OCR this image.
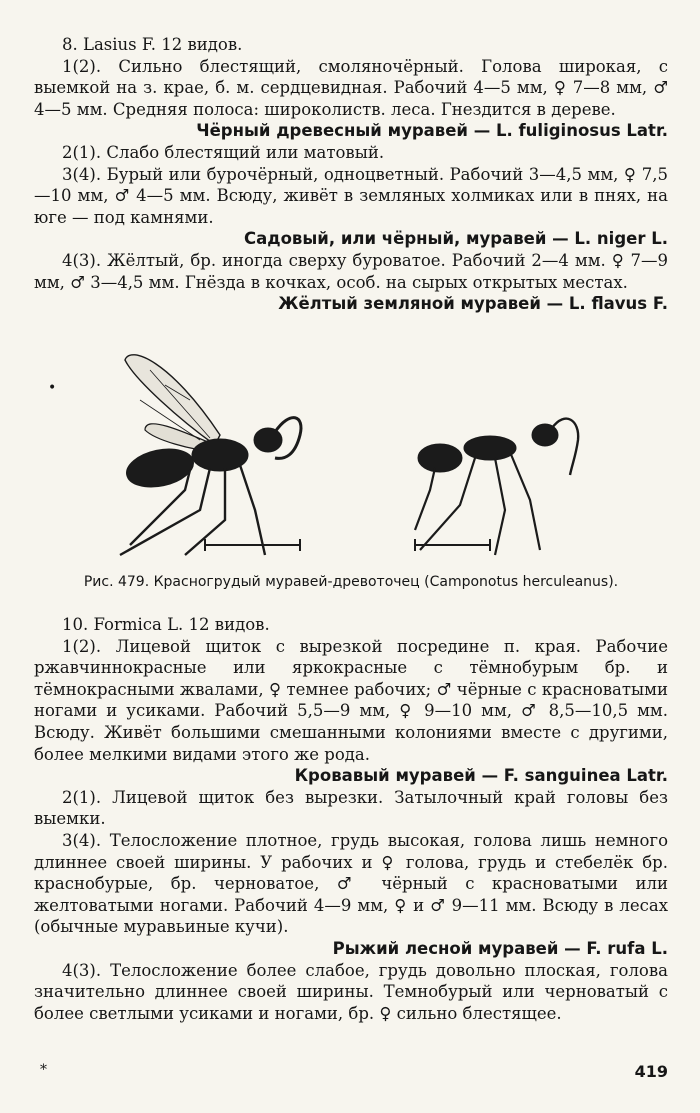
8. Lasius F. 12 видов.

1(2). Сильно блестящий, смоляночёрный. Голова широкая, с выемкой на з. крае, б. м. сердцевидная. Рабочий 4—5 мм, ♀ 7—8 мм, ♂ 4—5 мм. Средняя полоса: широколиств. леса. Гнездится в дереве.

Чёрный древесный муравей — L. fuliginosus Latr.

2(1). Слабо блестящий или матовый.

3(4). Бурый или бурочёрный, одноцветный. Рабочий 3—4,5 мм, ♀ 7,5—10 мм, ♂ 4—5 мм. Всюду, живёт в земляных холмиках или в пнях, на юге — под камнями.

Садовый, или чёрный, муравей — L. niger L.

4(3). Жёлтый, бр. иногда сверху буроватое. Рабочий 2—4 мм. ♀ 7—9 мм, ♂ 3—4,5 мм. Гнёзда в кочках, особ. на сырых открытых местах.

Жёлтый земляной муравей — L. flavus F.

•
Рис. 479. Красногрудый муравей-древоточец (Camponotus herculeanus).

10. Formica L. 12 видов.

1(2). Лицевой щиток с вырезкой посредине п. края. Рабочие ржавчиннокрасные или яркокрасные с тёмнобурым бр. и тёмнокрасными жвалами, ♀ темнее рабочих; ♂ чёрные с красноватыми ногами и усиками. Рабочий 5,5—9 мм, ♀ 9—10 мм, ♂ 8,5—10,5 мм. Всюду. Живёт большими смешанными колониями вместе с другими, более мелкими видами этого же рода.

Кровавый муравей — F. sanguinea Latr.

2(1). Лицевой щиток без вырезки. Затылочный край головы без выемки.

3(4). Телосложение плотное, грудь высокая, голова лишь немного длиннее своей ширины. У рабочих и ♀ голова, грудь и стебелёк бр. краснобурые, бр. черноватое, ♂ чёрный с красноватыми или желтоватыми ногами. Рабочий 4—9 мм, ♀ и ♂ 9—11 мм. Всюду в лесах (обычные муравьиные кучи).

Рыжий лесной муравей — F. rufa L.

4(3). Телосложение более слабое, грудь довольно плоская, голова значительно длиннее своей ширины. Темнобурый или черноватый с более светлыми усиками и ногами, бр. ♀ сильно блестящее.

*	419
